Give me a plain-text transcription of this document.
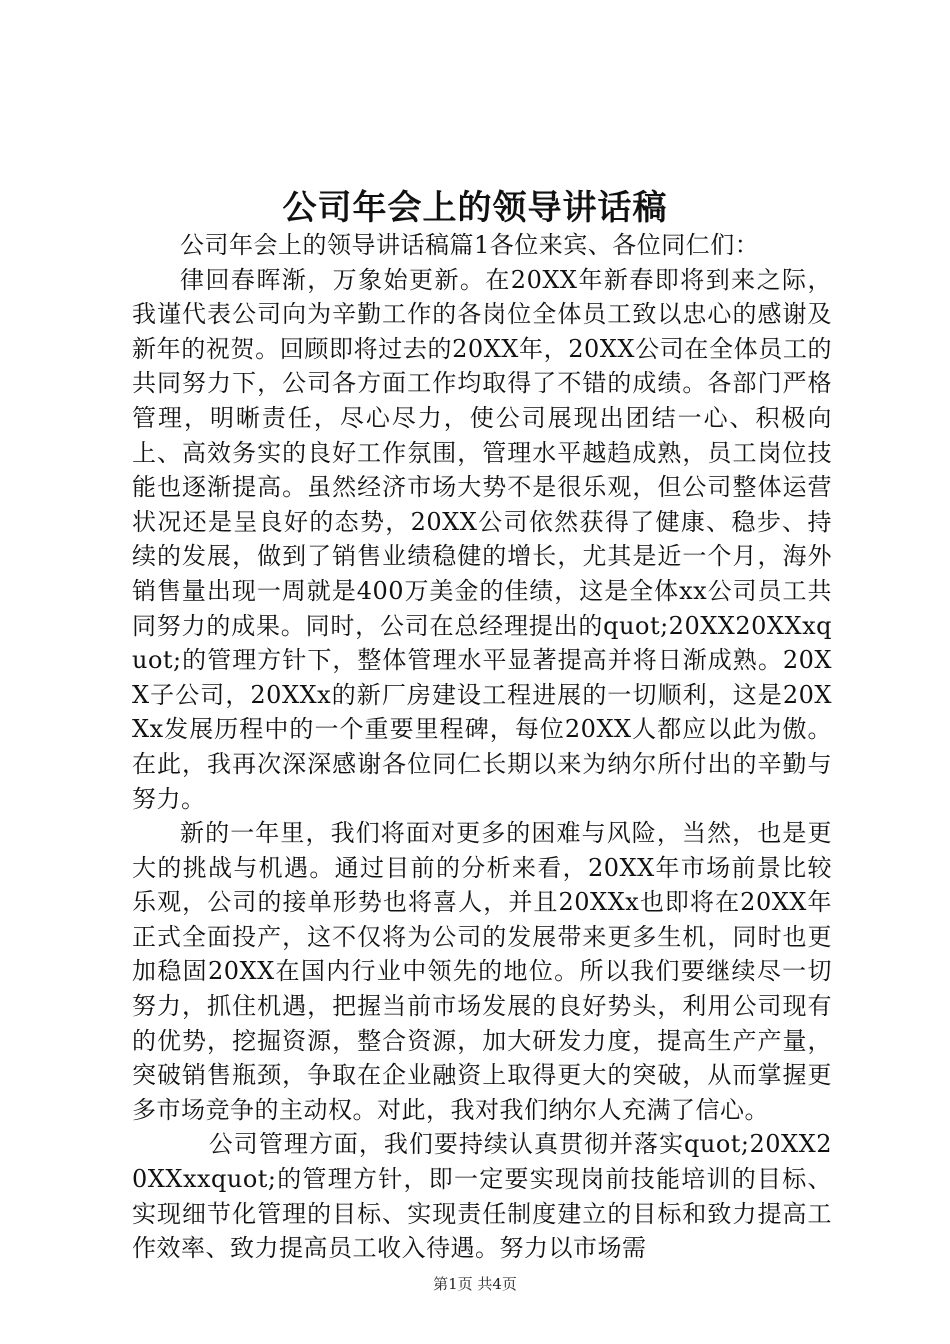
公司年会上的领导讲话稿

公司年会上的领导讲话稿篇1各位来宾、各位同仁们：

律回春晖渐，万象始更新。在20XX年新春即将到来之际，我谨代表公司向为辛勤工作的各岗位全体员工致以忠心的感谢及新年的祝贺。回顾即将过去的20XX年，20XX公司在全体员工的共同努力下，公司各方面工作均取得了不错的成绩。各部门严格管理，明晰责任，尽心尽力，使公司展现出团结一心、积极向上、高效务实的良好工作氛围，管理水平越趋成熟，员工岗位技能也逐渐提高。虽然经济市场大势不是很乐观，但公司整体运营状况还是呈良好的态势，20XX公司依然获得了健康、稳步、持续的发展，做到了销售业绩稳健的增长，尤其是近一个月，海外销售量出现一周就是400万美金的佳绩，这是全体xx公司员工共同努力的成果。同时，公司在总经理提出的quot;20XX20XXxquot;的管理方针下，整体管理水平显著提高并将日渐成熟。20XX子公司，20XXx的新厂房建设工程进展的一切顺利，这是20XXx发展历程中的一个重要里程碑，每位20XX人都应以此为傲。在此，我再次深深感谢各位同仁长期以来为纳尔所付出的辛勤与努力。

新的一年里，我们将面对更多的困难与风险，当然，也是更大的挑战与机遇。通过目前的分析来看，20XX年市场前景比较乐观，公司的接单形势也将喜人，并且20XXx也即将在20XX年正式全面投产，这不仅将为公司的发展带来更多生机，同时也更加稳固20XX在国内行业中领先的地位。所以我们要继续尽一切努力，抓住机遇，把握当前市场发展的良好势头，利用公司现有的优势，挖掘资源，整合资源，加大研发力度，提高生产产量，突破销售瓶颈，争取在企业融资上取得更大的突破，从而掌握更多市场竞争的主动权。对此，我对我们纳尔人充满了信心。

公司管理方面，我们要持续认真贯彻并落实quot;20XX20XXxxquot;的管理方针，即一定要实现岗前技能培训的目标、实现细节化管理的目标、实现责任制度建立的目标和致力提高工作效率、致力提高员工收入待遇。努力以市场需

第1页 共4页
